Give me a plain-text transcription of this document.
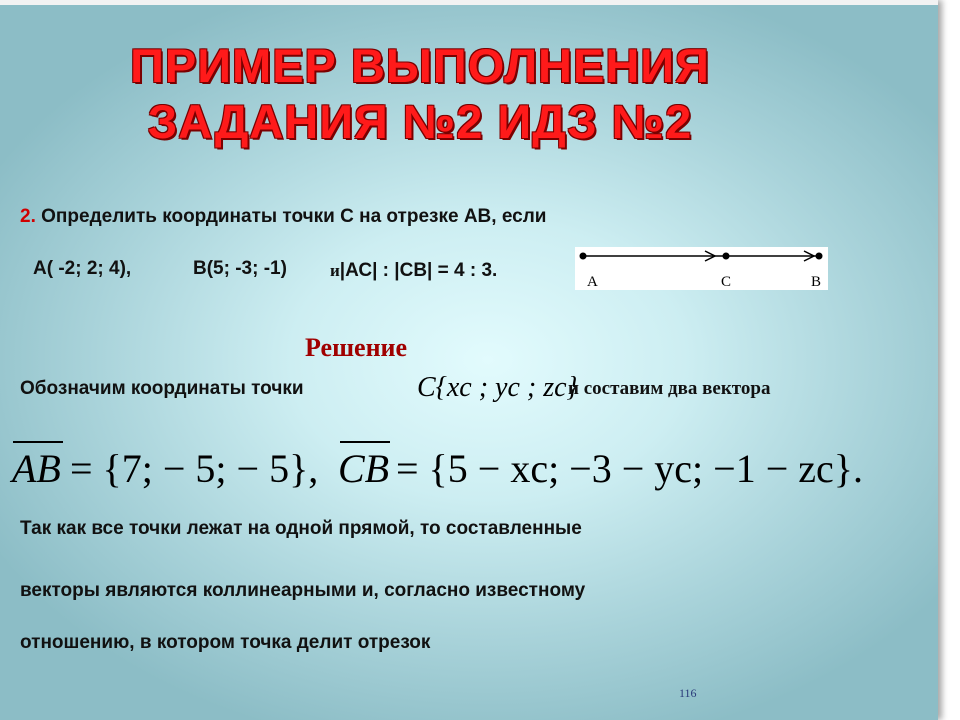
ПРИМЕР ВЫПОЛНЕНИЯ
ЗАДАНИЯ №2 ИДЗ №2
2. Определить координаты точки С на отрезке АВ, если
А( -2; 2; 4),	В(5; -3; -1)	и|АС| : |СВ| = 4 : 3.
A	C	B
Решение
Обозначим координаты точки	C{xc ; yc ; zc}
и составим два вектора
AB = {7; − 5; − 5}, CB = {5 − xc; −3 − yc; −1 − zc}.
Так как все точки лежат на одной прямой, то составленные
векторы являются коллинеарными и, согласно известному
отношению, в котором точка делит отрезок
116
